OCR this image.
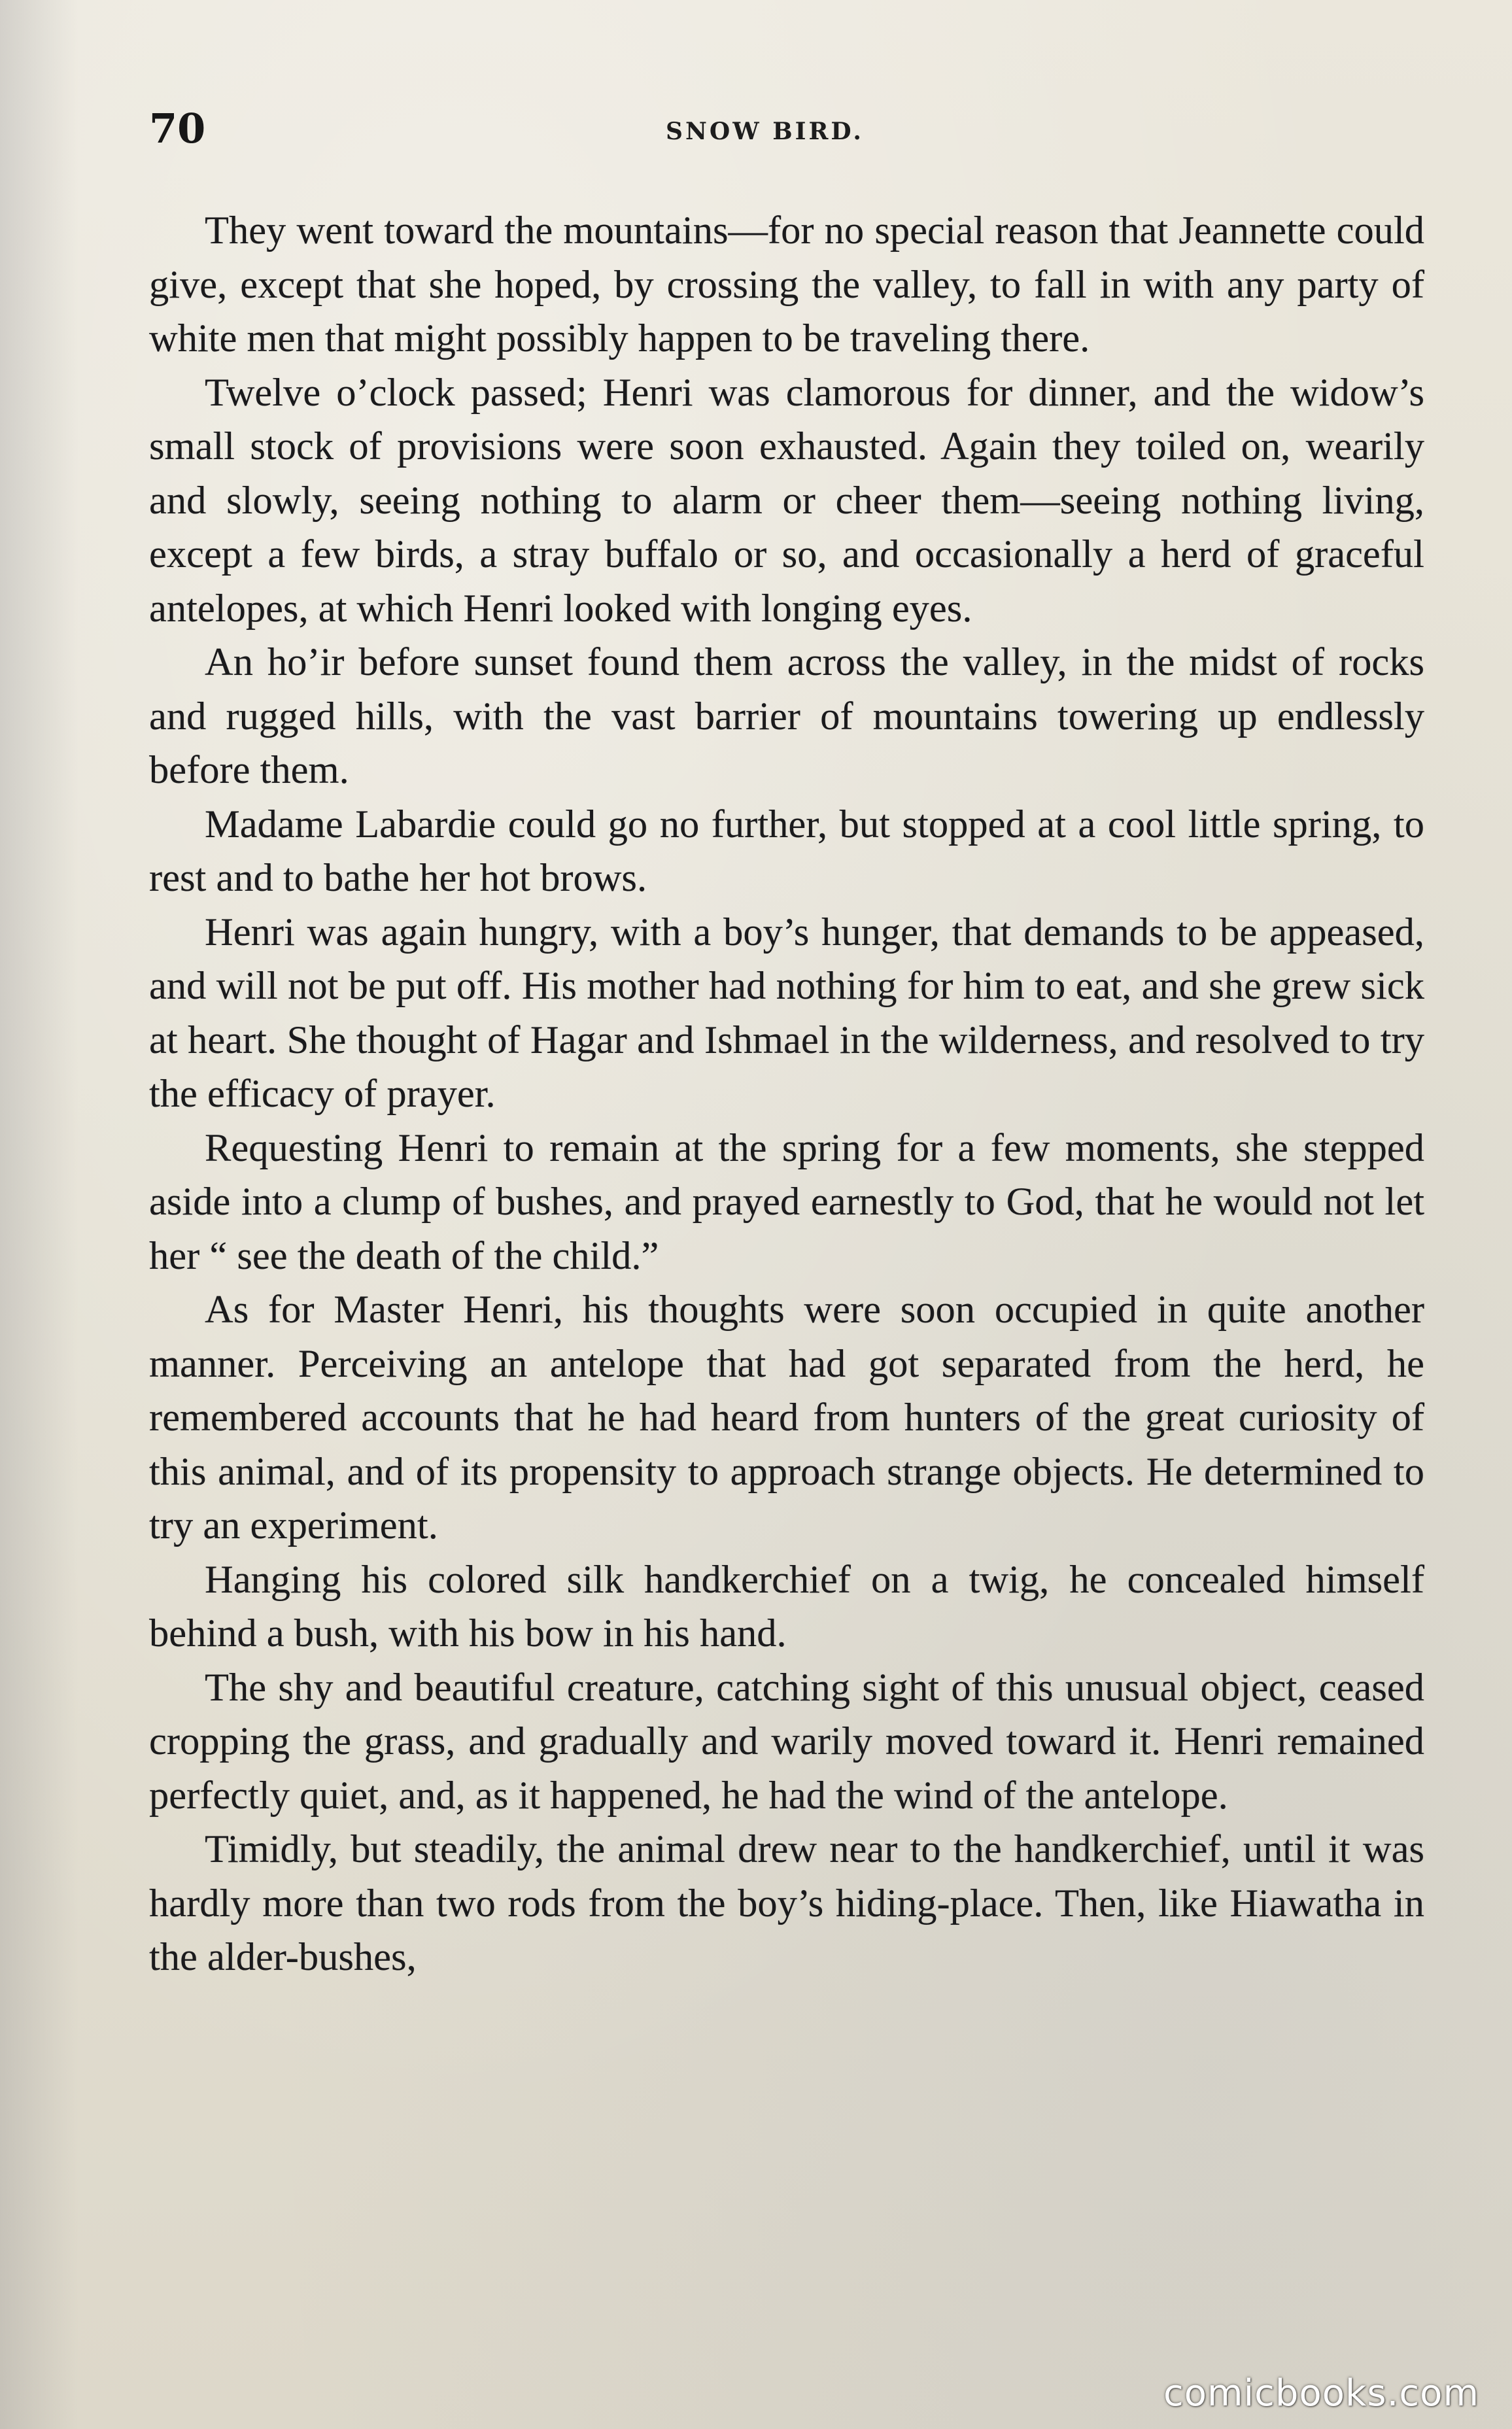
70	SNOW BIRD.

They went toward the mountains—for no special reason that Jeannette could give, except that she hoped, by crossing the valley, to fall in with any party of white men that might possibly happen to be traveling there.

Twelve o’clock passed; Henri was clamorous for dinner, and the widow’s small stock of provisions were soon exhausted. Again they toiled on, wearily and slowly, seeing nothing to alarm or cheer them—seeing nothing living, except a few birds, a stray buffalo or so, and occasionally a herd of graceful antelopes, at which Henri looked with longing eyes.

An ho’ir before sunset found them across the valley, in the midst of rocks and rugged hills, with the vast barrier of mountains towering up endlessly before them.

Madame Labardie could go no further, but stopped at a cool little spring, to rest and to bathe her hot brows.

Henri was again hungry, with a boy’s hunger, that demands to be appeased, and will not be put off. His mother had nothing for him to eat, and she grew sick at heart. She thought of Hagar and Ishmael in the wilderness, and resolved to try the efficacy of prayer.

Requesting Henri to remain at the spring for a few moments, she stepped aside into a clump of bushes, and prayed earnestly to God, that he would not let her “ see the death of the child.”

As for Master Henri, his thoughts were soon occupied in quite another manner. Perceiving an antelope that had got separated from the herd, he remembered accounts that he had heard from hunters of the great curiosity of this animal, and of its propensity to approach strange objects. He determined to try an experiment.

Hanging his colored silk handkerchief on a twig, he concealed himself behind a bush, with his bow in his hand.

The shy and beautiful creature, catching sight of this unusual object, ceased cropping the grass, and gradually and warily moved toward it. Henri remained perfectly quiet, and, as it happened, he had the wind of the antelope.

Timidly, but steadily, the animal drew near to the handkerchief, until it was hardly more than two rods from the boy’s hiding-place. Then, like Hiawatha in the alder-bushes,

comicbooks.com
